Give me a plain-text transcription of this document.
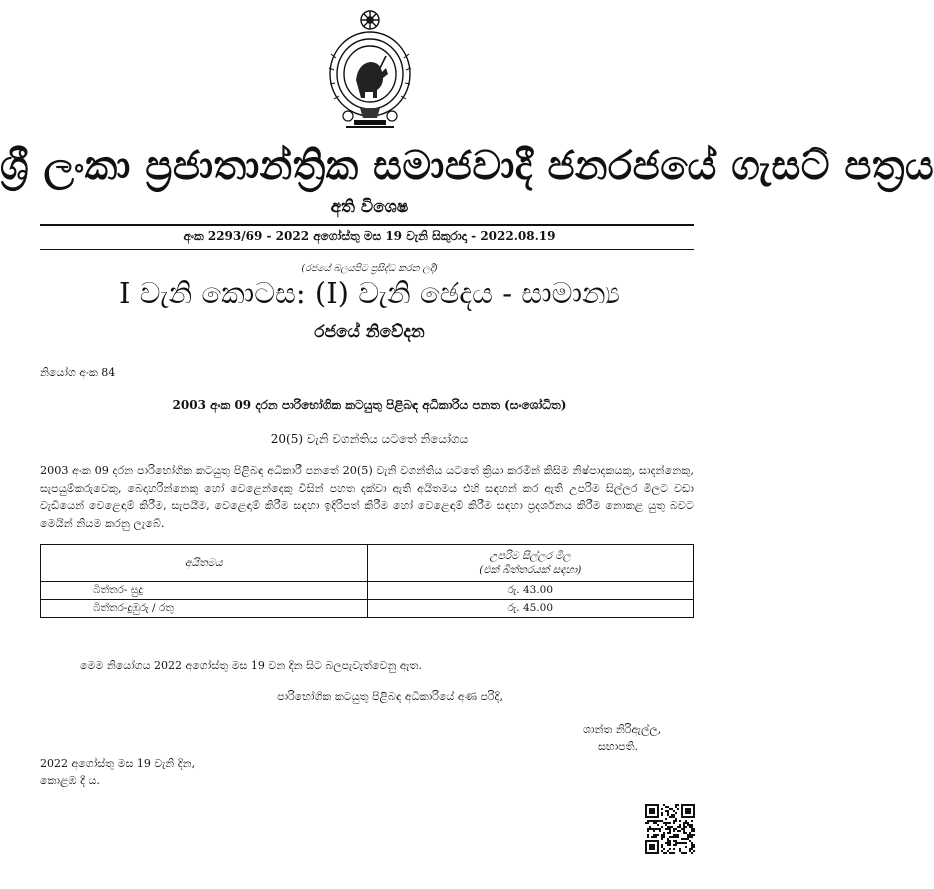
ශ්‍රී ලංකා ප්‍රජාතාන්ත්‍රික සමාජවාදී ජනරජයේ ගැසට් පත්‍රය
අති විශෙෂ
අංක 2293/69 - 2022 අගෝස්තු මස 19 වැනි සිකුරාදා - 2022.08.19
(රජයේ බලයපිට ප්‍රසිද්ධ කරන ලදී)
I වැනි කොටස: (I) වැනි ඡෙදය - සාමාන්‍ය
රජයේ නිවේදන
නියෝග අංක 84
2003 අංක 09 දරන පාරිභෝගික කටයුතු පිළිබඳ අධිකාරිය පනත (සංශෝධිත)
20(5) වැනි වගන්තිය යටතේ නියෝගය
2003 අංක 09 දරන පාරිභෝගික කටයුතු පිළිබඳ අධිකාරී පනතේ 20(5) වැනි වගන්තිය යටතේ ක්‍රියා කරමින් කිසිම නිෂ්පාදකයකු, සාදන්නෙකු, සැපයුම්කරුවෙකු, බෙදාහරින්නෙකු හෝ වෙළෙන්දෙකු විසින් පහත දක්වා ඇති අයිතමය එහි සඳහන් කර ඇති උපරිම සිල්ලර මිලට වඩා වැඩියෙන් වෙළෙඳාම් කිරීම, සැපයීම, වෙළෙඳාම් කිරීම සඳහා ඉදිරිපත් කිරීම හෝ වෙළෙඳාම් කිරීම සඳහා ප්‍රදර්ශනය කිරීම නොකළ යුතු බවට මෙයින් නියම කරනු ලැබේ.
අයිතමය	උපරිම සිල්ලර මිල
(එක් බිත්තරයක් සඳහා)

බිත්තර- සුදු	රු. 43.00
බිත්තර-දුඹුරු / රතු	රු. 45.00
මෙම නියෝගය 2022 අගෝස්තු මස 19 වන දින සිට බලපැවැත්වෙනු ඇත.
පාරිභෝගික කටයුතු පිළිබඳ අධිකාරියේ අණ පරිදි,
ශාන්ත නිරිඇල්ල,
සභාපති.
2022 අගෝස්තු මස 19 වැනි දින,
කොළඹ දී ය.
